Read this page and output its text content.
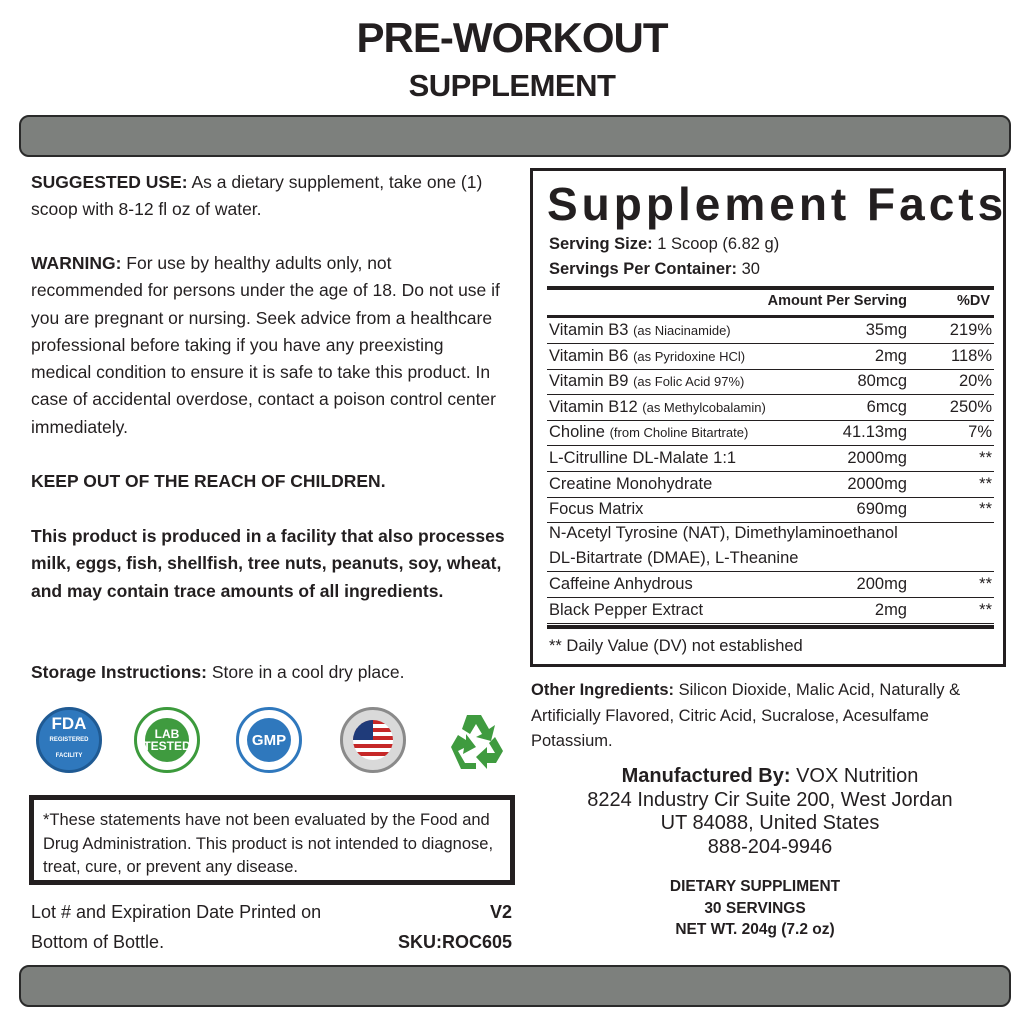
PRE-WORKOUT
SUPPLEMENT

SUGGESTED USE: As a dietary supplement, take one (1) scoop with 8-12 fl oz of water.

WARNING: For use by healthy adults only, not recommended for persons under the age of 18. Do not use if you are pregnant or nursing. Seek advice from a healthcare professional before taking if you have any preexisting medical condition to ensure it is safe to take this product. In case of accidental overdose, contact a poison control center immediately.

KEEP OUT OF THE REACH OF CHILDREN.
This product is produced in a facility that also processes milk, eggs, fish, shellfish, tree nuts, peanuts, soy, wheat, and may contain trace amounts of all ingredients.

Storage Instructions: Store in a cool dry place.

FDA
REGISTERED FACILITY
LAB TESTED	GMP
*These statements have not been evaluated by the Food and Drug Administration. This product is not intended to diagnose, treat, cure, or prevent any disease.
Lot # and Expiration Date Printed on
Bottom of Bottle.
V2
SKU:ROC605
Supplement Facts
Serving Size: 1 Scoop (6.82 g)
Servings Per Container: 30
Amount Per Serving	%DV
Vitamin B3 (as Niacinamide)	35mg	219%
Vitamin B6 (as Pyridoxine HCl)	2mg	118%
Vitamin B9 (as Folic Acid 97%)	80mcg	20%
Vitamin B12 (as Methylcobalamin)	6mcg	250%
Choline (from Choline Bitartrate)	41.13mg	7%
L-Citrulline DL-Malate 1:1	2000mg	**
Creatine Monohydrate	2000mg	**
Focus Matrix	690mg	**
N-Acetyl Tyrosine (NAT), Dimethylaminoethanol
DL-Bitartrate (DMAE), L-Theanine
Caffeine Anhydrous	200mg	**
Black Pepper Extract	2mg	**
** Daily Value (DV) not established
Other Ingredients: Silicon Dioxide, Malic Acid, Naturally & Artificially Flavored, Citric Acid, Sucralose, Acesulfame Potassium.
Manufactured By: VOX Nutrition
8224 Industry Cir Suite 200, West Jordan
UT 84088, United States
888-204-9946
DIETARY SUPPLIMENT
30 SERVINGS
NET WT. 204g (7.2 oz)
